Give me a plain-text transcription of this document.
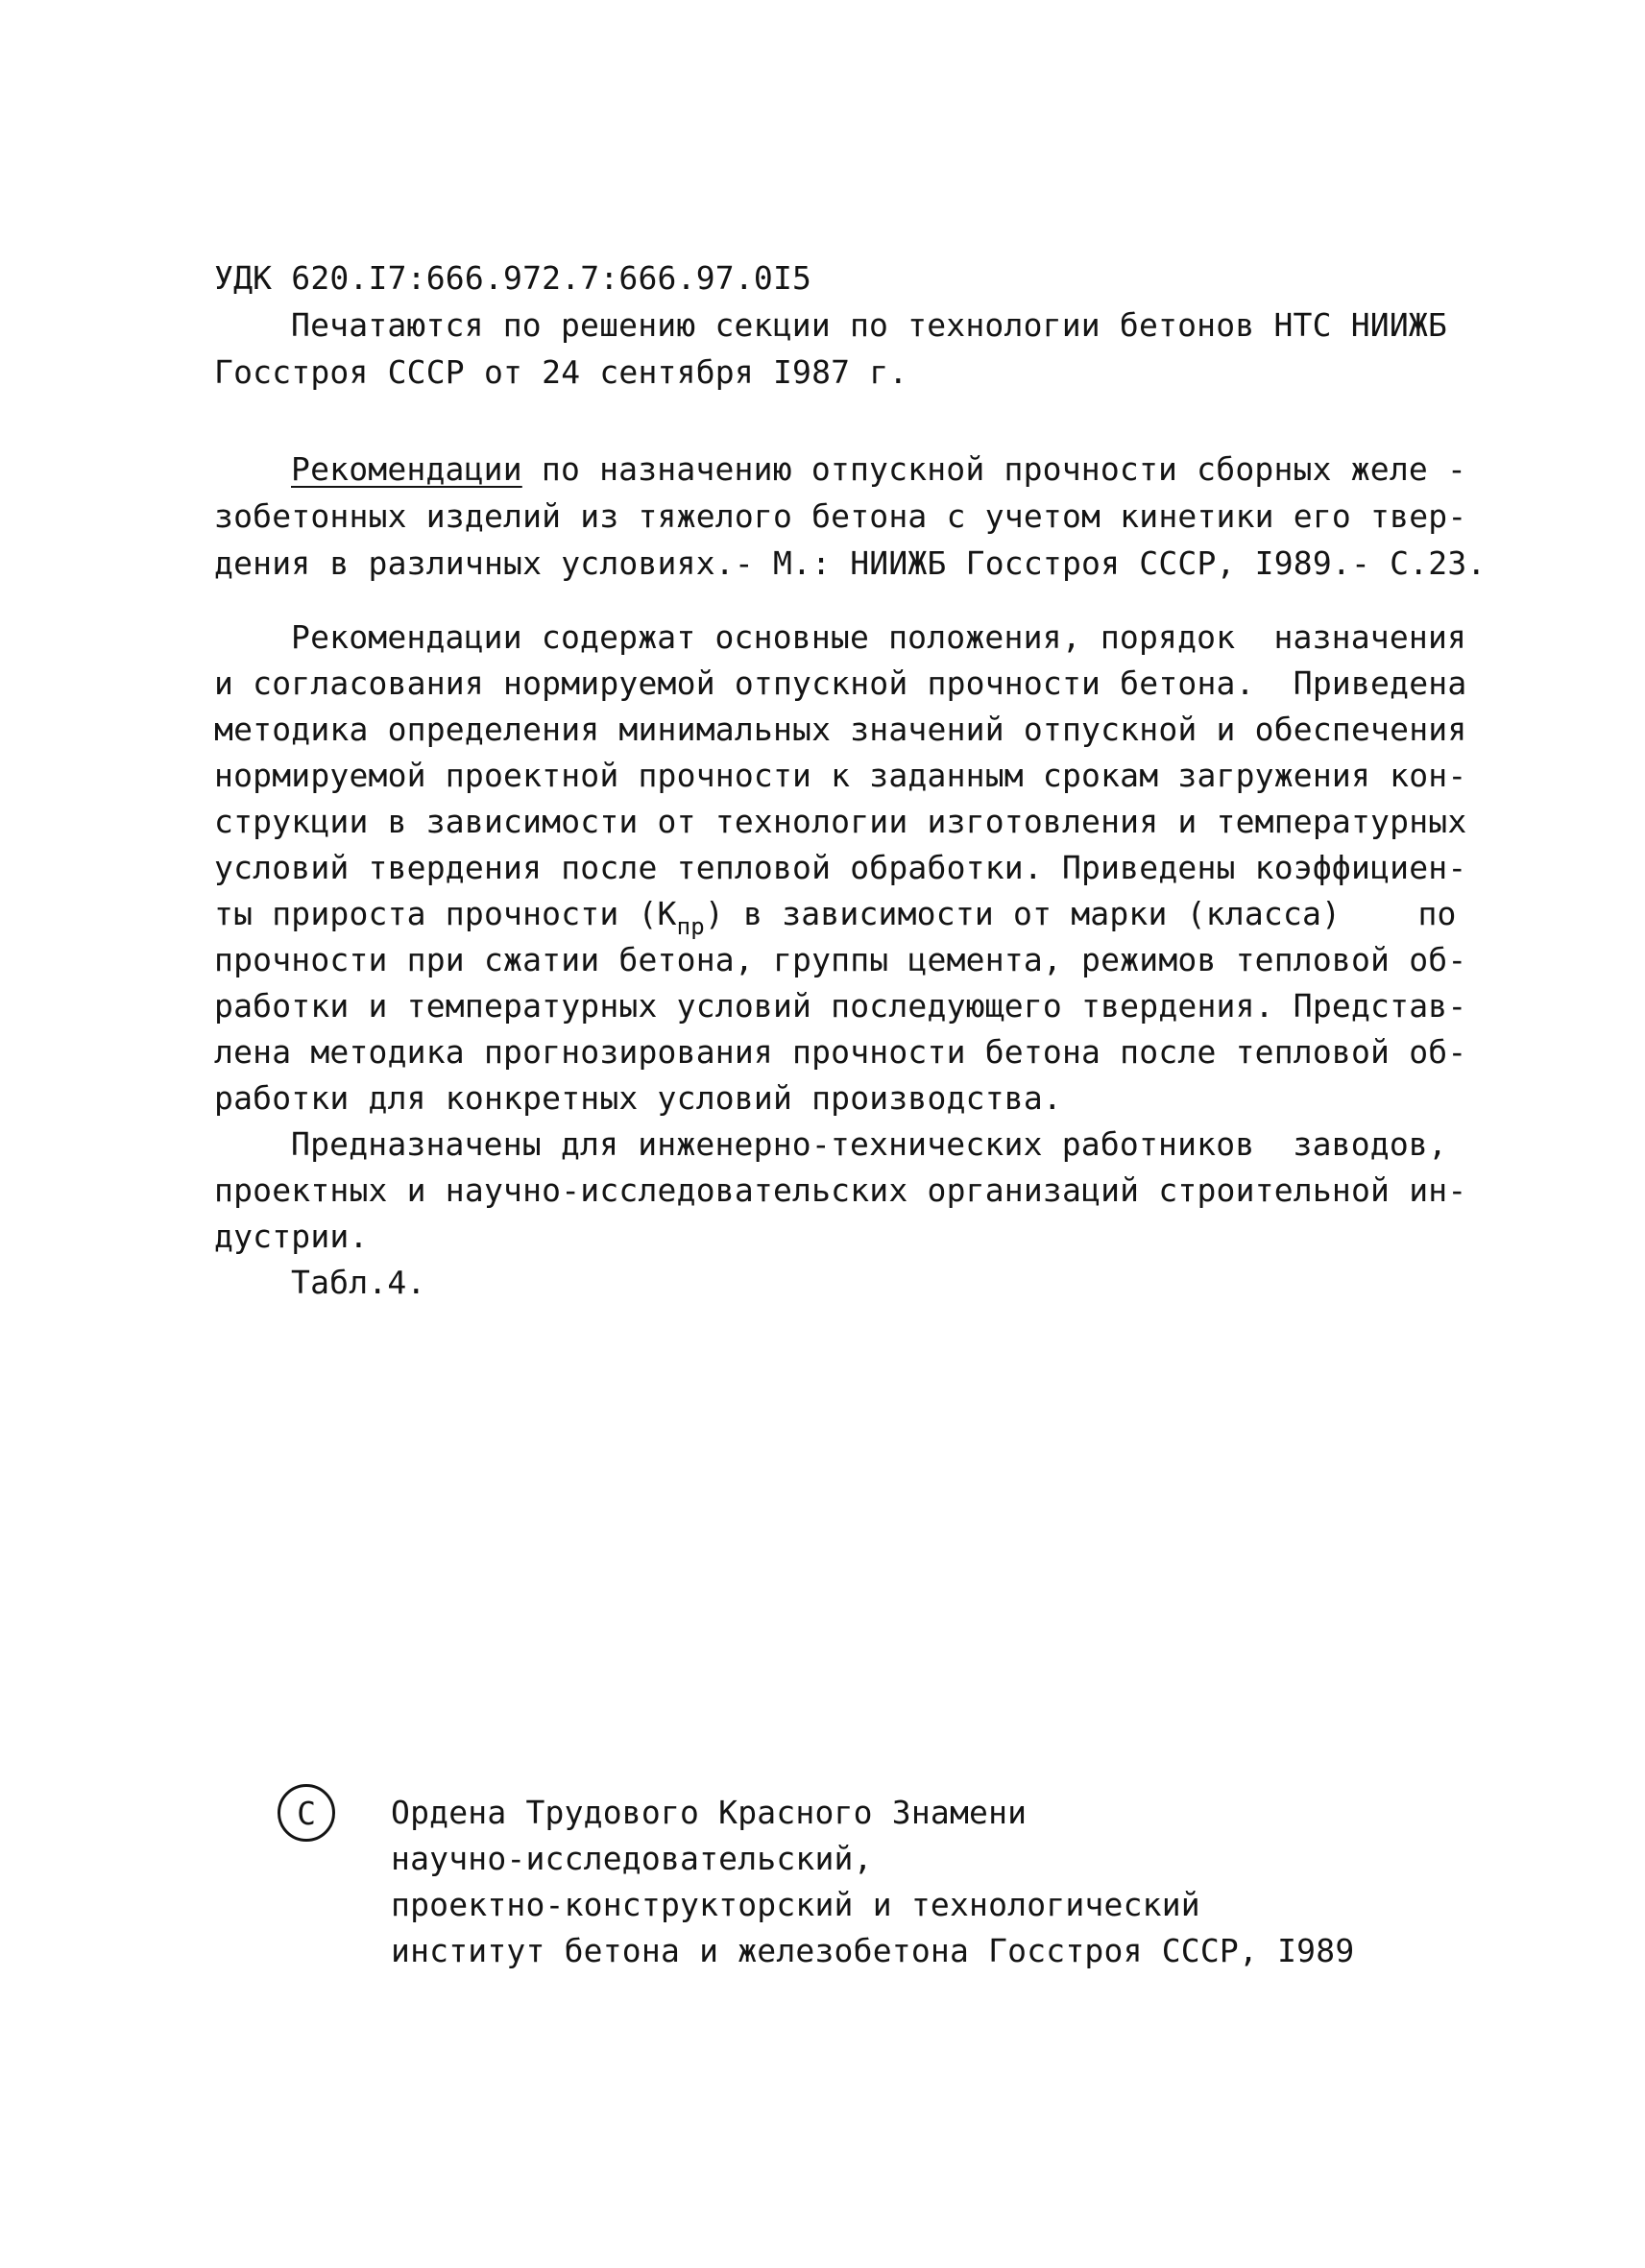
УДК 620.I7:666.972.7:666.97.0I5
Печатаются по решению секции по технологии бетонов НТС НИИЖБ
Госстроя СССР от 24 сентября I987 г.
Рекомендации по назначению отпускной прочности сборных желе -
зобетонных изделий из тяжелого бетона с учетом кинетики его твер-
дения в различных условиях.- М.: НИИЖБ Госстроя СССР, I989.- С.23.
Рекомендации содержат основные положения, порядок  назначения
и согласования нормируемой отпускной прочности бетона.  Приведена
методика определения минимальных значений отпускной и обеспечения
нормируемой проектной прочности к заданным срокам загружения кон-
струкции в зависимости от технологии изготовления и температурных
условий твердения после тепловой обработки. Приведены коэффициен-
ты прироста прочности $(К_{пр})$ в зависимости от марки (класса)    по
прочности при сжатии бетона, группы цемента, режимов тепловой об-
работки и температурных условий последующего твердения. Представ-
лена методика прогнозирования прочности бетона после тепловой об-
работки для конкретных условий производства.
Предназначены для инженерно-технических работников  заводов,
проектных и научно-исследовательских организаций строительной ин-
дустрии.
Табл.4.
С Ордена Трудового Красного Знамени
научно-исследовательский,
проектно-конструкторский и технологический
институт бетона и железобетона Госстроя СССР, I989
